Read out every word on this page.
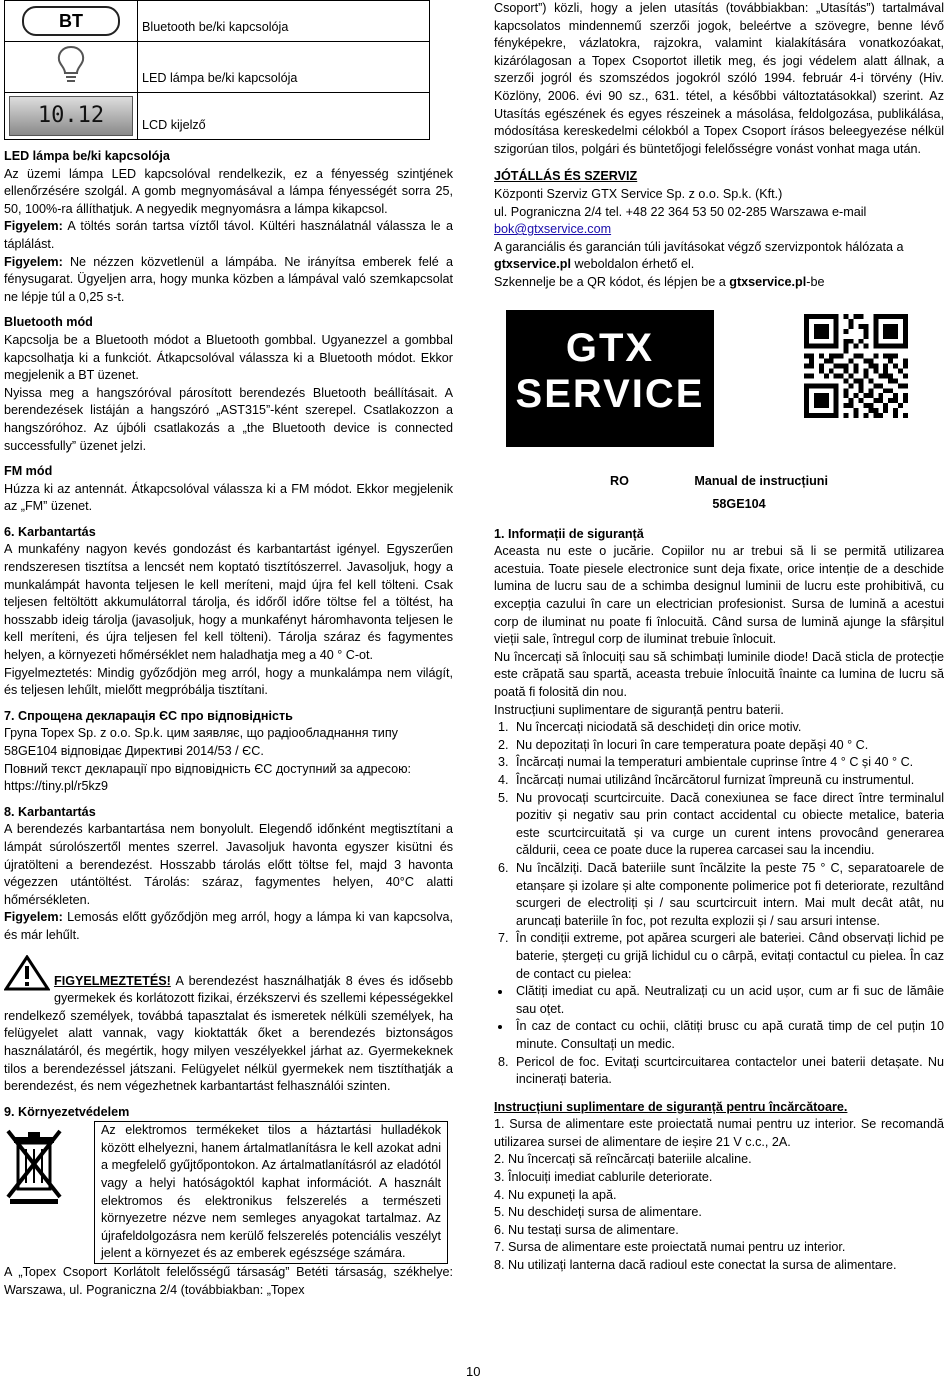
BT	Bluetooth be/ki kapcsolója
	LED lámpa be/ki kapcsolója
10.12	LCD kijelző

LED lámpa be/ki kapcsolója

Az üzemi lámpa LED kapcsolóval rendelkezik, ez a fényesség szintjének ellenőrzésére szolgál. A gomb megnyomásával a lámpa fényességét sorra 25, 50, 100%-ra állíthatjuk. A negyedik megnyomásra a lámpa kikapcsol.

Figyelem: A töltés során tartsa víztől távol. Kültéri használatnál válassza le a táplálást.

Figyelem: Ne nézzen közvetlenül a lámpába. Ne irányítsa emberek felé a fénysugarat. Ügyeljen arra, hogy munka közben a lámpával való szemkapcsolat ne lépje túl a 0,25 s-t.

Bluetooth mód

Kapcsolja be a Bluetooth módot a Bluetooth gombbal. Ugyanezzel a gombbal kapcsolhatja ki a funkciót. Átkapcsolóval válassza ki a Bluetooth módot. Ekkor megjelenik a BT üzenet.

Nyissa meg a hangszóróval párosított berendezés Bluetooth beállításait. A berendezések listáján a hangszóró „AST315”-ként szerepel. Csatlakozzon a hangszóróhoz. Az újbóli csatlakozás a „the Bluetooth device is connected successfully” üzenet jelzi.

FM mód

Húzza ki az antennát. Átkapcsolóval válassza ki a FM módot. Ekkor megjelenik az „FM” üzenet.

6. Karbantartás

A munkafény nagyon kevés gondozást és karbantartást igényel. Egyszerűen rendszeresen tisztítsa a lencsét nem koptató tisztítószerrel. Javasoljuk, hogy a munkalámpát havonta teljesen le kell meríteni, majd újra fel kell tölteni. Csak teljesen feltöltött akkumulátorral tárolja, és időről időre töltse fel a töltést, ha hosszabb ideig tárolja (javasoljuk, hogy a munkafényt háromhavonta teljesen le kell meríteni, és újra teljesen fel kell tölteni). Tárolja száraz és fagymentes helyen, a környezeti hőmérséklet nem haladhatja meg a 40 ° C-ot.

Figyelmeztetés: Mindig győződjön meg arról, hogy a munkalámpa nem világít, és teljesen lehűlt, mielőtt megpróbálja tisztítani.

7. Спрощена декларація ЄС про відповідність

Група Topex Sp. z o.o. Sp.k. цим заявляє, що радіообладнання типу 58GE104 відповідає Директиві 2014/53 / ЄС.

Повний текст декларації про відповідність ЄС доступний за адресою: https://tiny.pl/r5kz9

8. Karbantartás

A berendezés karbantartása nem bonyolult. Elegendő időnként megtisztítani a lámpát súrolószertől mentes szerrel. Javasoljuk havonta egyszer kisütni és újratölteni a berendezést. Hosszabb tárolás előtt töltse fel, majd 3 havonta végezzen utántöltést. Tárolás: száraz, fagymentes helyen, 40°C alatti hőmérsékleten.

Figyelem: Lemosás előtt győződjön meg arról, hogy a lámpa ki van kapcsolva, és már lehűlt.

FIGYELMEZTETÉS! A berendezést használhatják 8 éves és idősebb gyermekek és korlátozott fizikai, érzékszervi és szellemi képességekkel rendelkező személyek, továbbá tapasztalat és ismeretek nélküli személyek, ha felügyelet alatt vannak, vagy kioktatták őket a berendezés biztonságos használatáról, és megértik, hogy milyen veszélyekkel járhat az. Gyermekeknek tilos a berendezéssel játszani. Felügyelet nélkül gyermekek nem tisztíthatják a berendezést, és nem végezhetnek karbantartást felhasználói szinten.

9. Környezetvédelem

Az elektromos termékeket tilos a háztartási hulladékok között elhelyezni, hanem ártalmatlanításra le kell azokat adni a megfelelő gyűjtőpontokon. Az ártalmatlanításról az eladótól vagy a helyi hatóságoktól kaphat információt. A használt elektromos és elektronikus felszerelés a természeti környezetre nézve nem semleges anyagokat tartalmaz. Az újrafeldolgozásra nem kerülő felszerelés potenciális veszélyt jelent a környezet és az emberek egészsége számára.

A „Topex Csoport Korlátolt felelősségű társaság” Betéti társaság, székhelye: Warszawa, ul. Pograniczna 2/4 (továbbiakban: „Topex

Csoport”) közli, hogy a jelen utasítás (továbbiakban: „Utasítás”) tartalmával kapcsolatos mindennemű szerzői jogok, beleértve a szövegre, benne lévő fényképekre, vázlatokra, rajzokra, valamint kialakítására vonatkozóakat, kizárólagosan a Topex Csoportot illetik meg, és jogi védelem alatt állnak, a szerzői jogról és szomszédos jogokról szóló 1994. február 4-i törvény (Hiv. Közlöny, 2006. évi 90 sz., 631. tétel, a későbbi változtatásokkal) szerint. Az Utasítás egészének és egyes részeinek a másolása, feldolgozása, publikálása, módosítása kereskedelmi célokból a Topex Csoport írásos beleegyezése nélkül szigorúan tilos, polgári és büntetőjogi felelősségre vonást vonhat maga után.

JÓTÁLLÁS ÉS SZERVIZ

Központi Szerviz GTX Service Sp. z o.o. Sp.k. (Kft.)

ul. Pograniczna 2/4 tel. +48 22 364 53 50 02-285 Warszawa e-mail

bok@gtxservice.com

A garanciális és garancián túli javításokat végző szervizpontok hálózata a gtxservice.pl weboldalon érhető el.

Szkennelje be a QR kódot, és lépjen be a gtxservice.pl-be

GTX
SERVICE

RO	Manual de instrucțiuni

58GE104

1. Informații de siguranță

Aceasta nu este o jucărie. Copiilor nu ar trebui să li se permită utilizarea acestuia. Toate piesele electronice sunt deja fixate, orice intenție de a deschide lumina de lucru sau de a schimba designul luminii de lucru este prohibitivă, cu excepția cazului în care un electrician profesionist. Sursa de lumină a acestui corp de iluminat nu poate fi înlocuită. Când sursa de lumină ajunge la sfârșitul vieții sale, întregul corp de iluminat trebuie înlocuit.

Nu încercați să înlocuiți sau să schimbați luminile diode! Dacă sticla de protecție este crăpată sau spartă, aceasta trebuie înlocuită înainte ca lumina de lucru să poată fi folosită din nou.

Instrucțiuni suplimentare de siguranță pentru baterii.

1. Nu încercați niciodată să deschideți din orice motiv.
2. Nu depozitați în locuri în care temperatura poate depăși 40 ° C.
3. Încărcați numai la temperaturi ambientale cuprinse între 4 ° C și 40 ° C.
4. Încărcați numai utilizând încărcătorul furnizat împreună cu instrumentul.
5. Nu provocați scurtcircuite. Dacă conexiunea se face direct între terminalul pozitiv și negativ sau prin contact accidental cu obiecte metalice, bateria este scurtcircuitată și va curge un curent intens provocând generarea căldurii, ceea ce poate duce la ruperea carcasei sau la incendiu.
6. Nu încălziți. Dacă bateriile sunt încălzite la peste 75 ° C, separatoarele de etanșare și izolare și alte componente polimerice pot fi deteriorate, rezultând scurgeri de electroliți și / sau scurtcircuit intern. Mai mult decât atât, nu aruncați bateriile în foc, pot rezulta explozii și / sau arsuri intense.
7. În condiții extreme, pot apărea scurgeri ale bateriei. Când observați lichid pe baterie, ștergeți cu grijă lichidul cu o cârpă, evitați contactul cu pielea. În caz de contact cu pielea:
• Clătiți imediat cu apă. Neutralizați cu un acid ușor, cum ar fi suc de lămâie sau oțet.
• În caz de contact cu ochii, clătiți brusc cu apă curată timp de cel puțin 10 minute. Consultați un medic.
8. Pericol de foc. Evitați scurtcircuitarea contactelor unei baterii detașate. Nu incinerați bateria.

Instrucțiuni suplimentare de siguranță pentru încărcătoare.

1. Sursa de alimentare este proiectată numai pentru uz interior. Se recomandă utilizarea sursei de alimentare de ieșire 21 V c.c., 2A.

2. Nu încercați să reîncărcați bateriile alcaline.

3. Înlocuiți imediat cablurile deteriorate.

4. Nu expuneți la apă.

5. Nu deschideți sursa de alimentare.

6. Nu testați sursa de alimentare.

7. Sursa de alimentare este proiectată numai pentru uz interior.

8. Nu utilizați lanterna dacă radioul este conectat la sursa de alimentare.

10
